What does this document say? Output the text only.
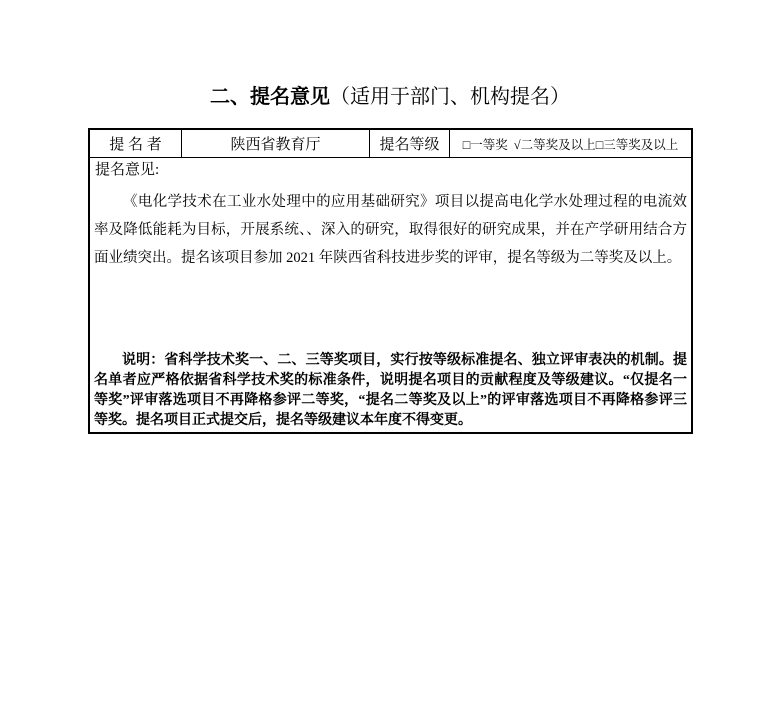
二、提名意见（适用于部门、机构提名）
提 名 者	陕西省教育厅	提名等级 □一等奖 √二等奖及以上 □三等奖及以上
提名意见:

《电化学技术在工业水处理中的应用基础研究》项目以提高电化学水处理过程的电流效率及降低能耗为目标，开展系统、、深入的研究，取得很好的研究成果，并在产学研用结合方面业绩突出。提名该项目参加 2021 年陕西省科技进步奖的评审，提名等级为二等奖及以上。

说明：省科学技术奖一、二、三等奖项目，实行按等级标准提名、独立评审表决的机制。提名单者应严格依据省科学技术奖的标准条件，说明提名项目的贡献程度及等级建议。“仅提名一等奖”评审落选项目不再降格参评二等奖，“提名二等奖及以上”的评审落选项目不再降格参评三等奖。提名项目正式提交后，提名等级建议本年度不得变更。
